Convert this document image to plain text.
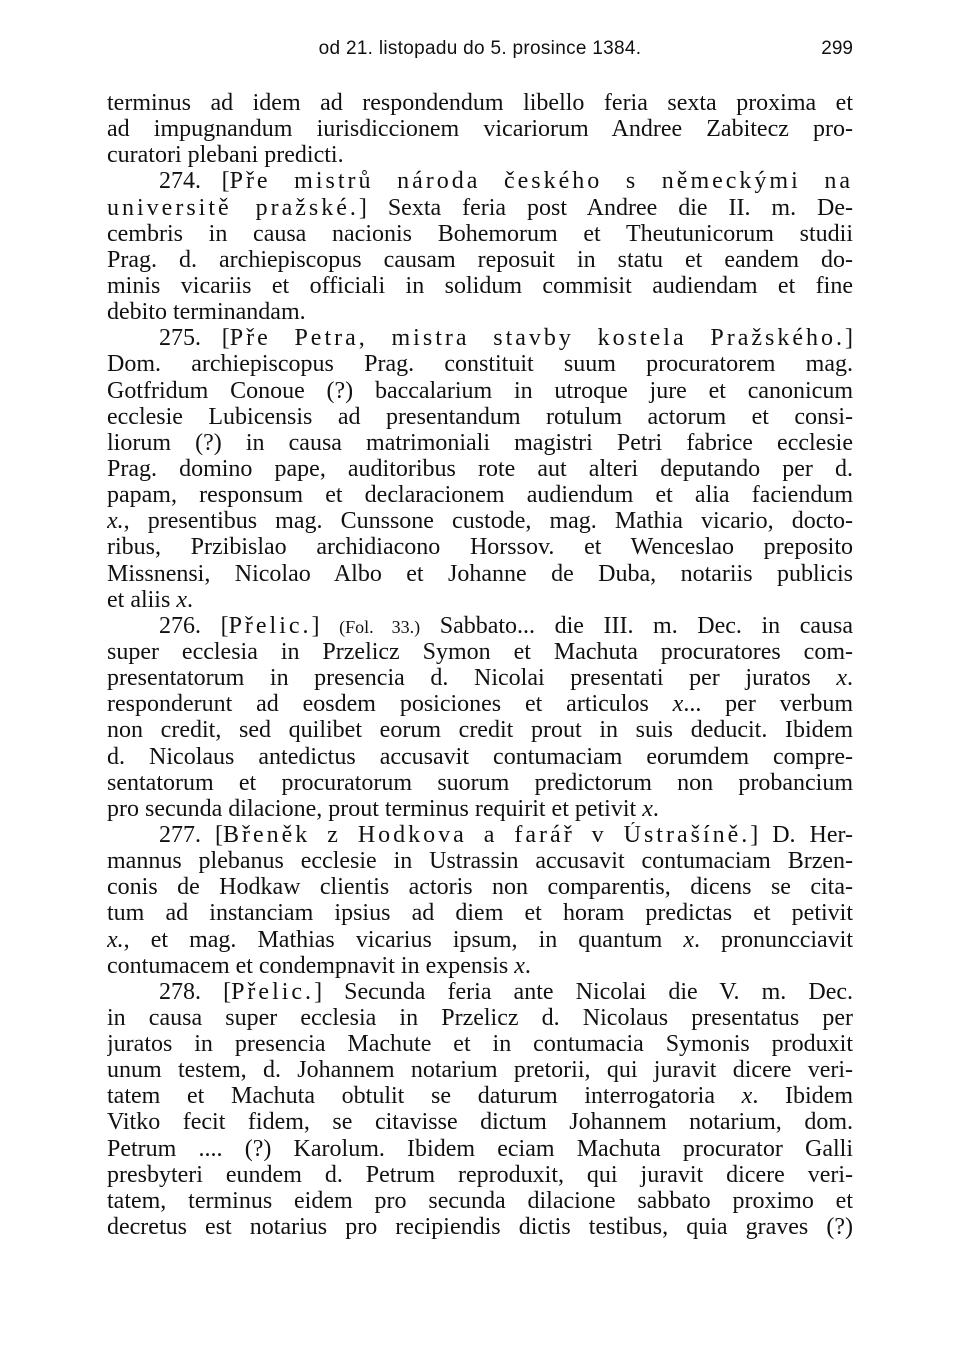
od 21. listopadu do 5. prosince 1384.	299
terminus ad idem ad respondendum libello feria sexta proxima et
ad impugnandum iurisdiccionem vicariorum Andree Zabitecz pro-
curatori plebani predicti.
274. [Pře mistrů národa českého s německými na
universitě pražské.] Sexta feria post Andree die II. m. De-
cembris in causa nacionis Bohemorum et Theutunicorum studii
Prag. d. archiepiscopus causam reposuit in statu et eandem do-
minis vicariis et officiali in solidum commisit audiendam et fine
debito terminandam.
275. [Pře Petra, mistra stavby kostela Pražského.]
Dom. archiepiscopus Prag. constituit suum procuratorem mag.
Gotfridum Conoue (?) baccalarium in utroque jure et canonicum
ecclesie Lubicensis ad presentandum rotulum actorum et consi-
liorum (?) in causa matrimoniali magistri Petri fabrice ecclesie
Prag. domino pape, auditoribus rote aut alteri deputando per d.
papam, responsum et declaracionem audiendum et alia faciendum
x., presentibus mag. Cunssone custode, mag. Mathia vicario, docto-
ribus, Przibislao archidiacono Horssov. et Wenceslao preposito
Missnensi, Nicolao Albo et Johanne de Duba, notariis publicis
et aliis x.
276. [Přelic.] (Fol. 33.) Sabbato... die III. m. Dec. in causa
super ecclesia in Przelicz Symon et Machuta procuratores com-
presentatorum in presencia d. Nicolai presentati per juratos x.
responderunt ad eosdem posiciones et articulos x... per verbum
non credit, sed quilibet eorum credit prout in suis deducit. Ibidem
d. Nicolaus antedictus accusavit contumaciam eorumdem compre-
sentatorum et procuratorum suorum predictorum non probancium
pro secunda dilacione, prout terminus requirit et petivit x.
277. [Břeněk z Hodkova a farář v Ústrašíně.] D. Her-
mannus plebanus ecclesie in Ustrassin accusavit contumaciam Brzen-
conis de Hodkaw clientis actoris non comparentis, dicens se cita-
tum ad instanciam ipsius ad diem et horam predictas et petivit
x., et mag. Mathias vicarius ipsum, in quantum x. pronuncciavit
contumacem et condempnavit in expensis x.
278. [Přelic.] Secunda feria ante Nicolai die V. m. Dec.
in causa super ecclesia in Przelicz d. Nicolaus presentatus per
juratos in presencia Machute et in contumacia Symonis produxit
unum testem, d. Johannem notarium pretorii, qui juravit dicere veri-
tatem et Machuta obtulit se daturum interrogatoria x. Ibidem
Vitko fecit fidem, se citavisse dictum Johannem notarium, dom.
Petrum .... (?) Karolum. Ibidem eciam Machuta procurator Galli
presbyteri eundem d. Petrum reproduxit, qui juravit dicere veri-
tatem, terminus eidem pro secunda dilacione sabbato proximo et
decretus est notarius pro recipiendis dictis testibus, quia graves (?)
